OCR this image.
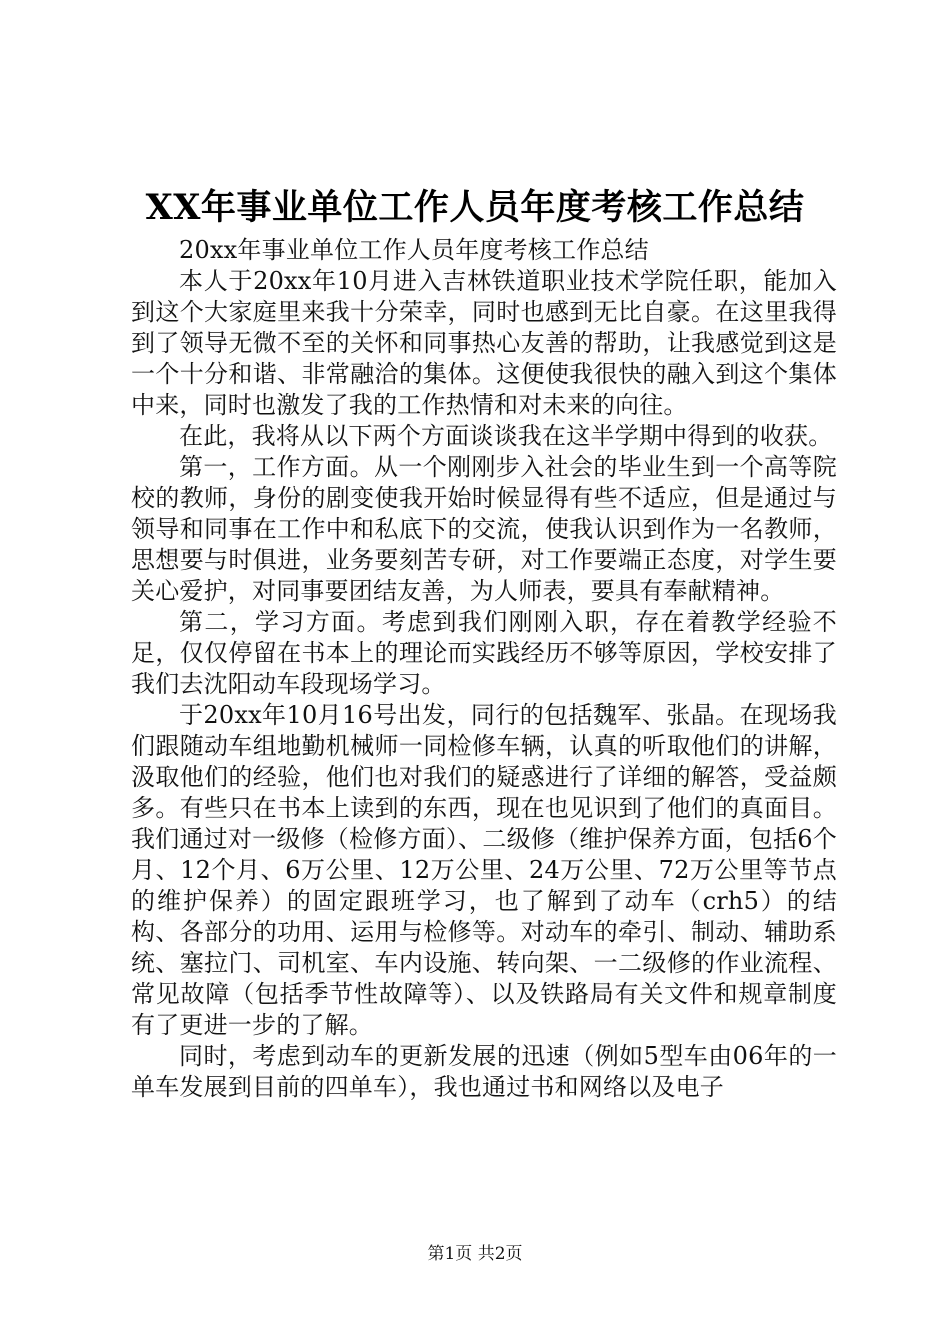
XX年事业单位工作人员年度考核工作总结

20xx年事业单位工作人员年度考核工作总结

本人于20xx年10月进入吉林铁道职业技术学院任职，能加入到这个大家庭里来我十分荣幸，同时也感到无比自豪。在这里我得到了领导无微不至的关怀和同事热心友善的帮助，让我感觉到这是一个十分和谐、非常融洽的集体。这便使我很快的融入到这个集体中来，同时也激发了我的工作热情和对未来的向往。

在此，我将从以下两个方面谈谈我在这半学期中得到的收获。

第一，工作方面。从一个刚刚步入社会的毕业生到一个高等院校的教师，身份的剧变使我开始时候显得有些不适应，但是通过与领导和同事在工作中和私底下的交流，使我认识到作为一名教师，思想要与时俱进，业务要刻苦专研，对工作要端正态度，对学生要关心爱护，对同事要团结友善，为人师表，要具有奉献精神。

第二，学习方面。考虑到我们刚刚入职，存在着教学经验不足，仅仅停留在书本上的理论而实践经历不够等原因，学校安排了我们去沈阳动车段现场学习。

于20xx年10月16号出发，同行的包括魏军、张晶。在现场我们跟随动车组地勤机械师一同检修车辆，认真的听取他们的讲解，汲取他们的经验，他们也对我们的疑惑进行了详细的解答，受益颇多。有些只在书本上读到的东西，现在也见识到了他们的真面目。我们通过对一级修（检修方面）、二级修（维护保养方面，包括6个月、12个月、6万公里、12万公里、24万公里、72万公里等节点的维护保养）的固定跟班学习，也了解到了动车（crh5）的结构、各部分的功用、运用与检修等。对动车的牵引、制动、辅助系统、塞拉门、司机室、车内设施、转向架、一二级修的作业流程、常见故障（包括季节性故障等）、以及铁路局有关文件和规章制度有了更进一步的了解。

同时，考虑到动车的更新发展的迅速（例如5型车由06年的一单车发展到目前的四单车），我也通过书和网络以及电子

第1页 共2页
